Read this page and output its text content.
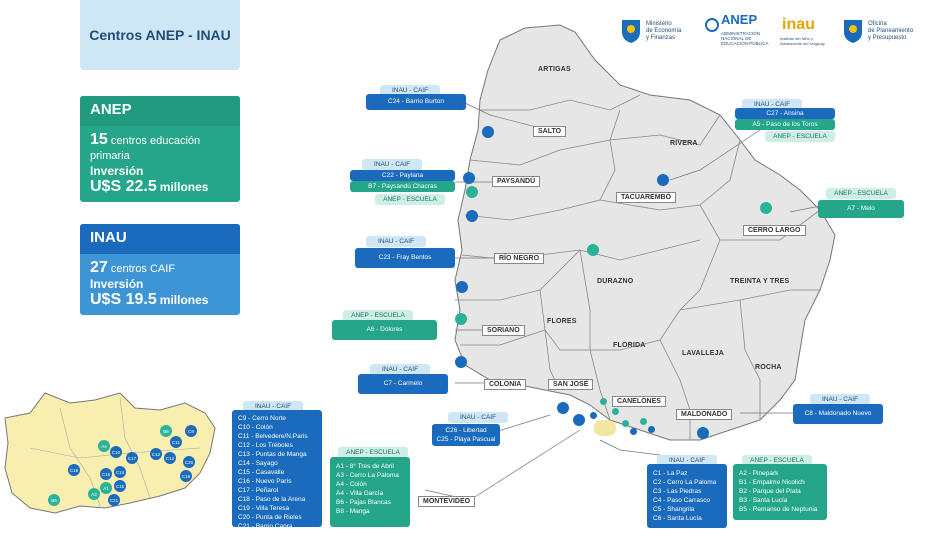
Centros ANEP - INAU
ANEP
15 centros educación primaria
Inversión
U$S 22.5 millones
INAU
27 centros CAIF
Inversión
U$S 19.5 millones
Ministerio
de Economía
y Finanzas
ANEP
ADMINISTRACIÓN
NACIONAL DE
EDUCACIÓN PÚBLICA
inau
Instituto del Niño y
Adolescente del Uruguay
Oficina
de Planeamiento
y Presupuesto
ARTIGAS
SALTO
RIVERA
PAYSANDÚ
TACUAREMBÓ
CERRO LARGO
RÍO NEGRO
DURAZNO	TREINTA Y TRES
SORIANO
FLORES
FLORIDA
LAVALLEJA
ROCHA
COLONIA	SAN JOSÉ
CANELONES
MALDONADO
MONTEVIDEO
INAU - CAIF
C24 - Barrio Burton	INAU - CAIF
C27 - Ansina
A5 - Paso de los Toros
ANEP - ESCUELA
INAU - CAIF
C22 - Paylana
B7 - Paysandú Chacras
ANEP - ESCUELA
ANEP - ESCUELA
A7 - Melo
INAU - CAIF
C23 - Fray Bentos
ANEP - ESCUELA
A6 - Dolores
INAU - CAIF
C7 - Carmelo
INAU - CAIF
C8 - Maldonado Nuevo
INAU - CAIF
C26 - Libertad
C25 - Playa Pascual
INAU - CAIF
C9 - Cerro Norte
C10 - Colón
C11 - Belvedere/N.Paris
C12 - Los Tréboles
C13 - Puntas de Manga
C14 - Sayago
C15 - Casavalle
C16 - Nuevo París
C17 - Peñarol
C18 - Paso de la Arena
C19 - Villa Teresa
C20 - Punta de Rieles
C21 - Barrio Capra
ANEP - ESCUELA
A1 - 8° Tres de Abril
A3 - Cerro La Paloma
A4 - Colón
A4 - Villa García
B6 - Pajas Blancas
B8 - Manga
INAU - CAIF
C1 - La Paz
C2 - Cerro La Paloma
C3 - Las Piedras
C4 - Paso Carrasco
C5 - Shangrila
C6 - Santa Lucía
ANEP - ESCUELA
A2 - Pinepark
B1 - Empalme Nicolich
B2 - Parque del Plata
B3 - Santa Lucía
B5 - Remanso de Neptunia
C9
B8
C11
A4
C10
C17	C13
C12
C18
C16	C14
C20
C19
A1	C15
A3
C21
B6
